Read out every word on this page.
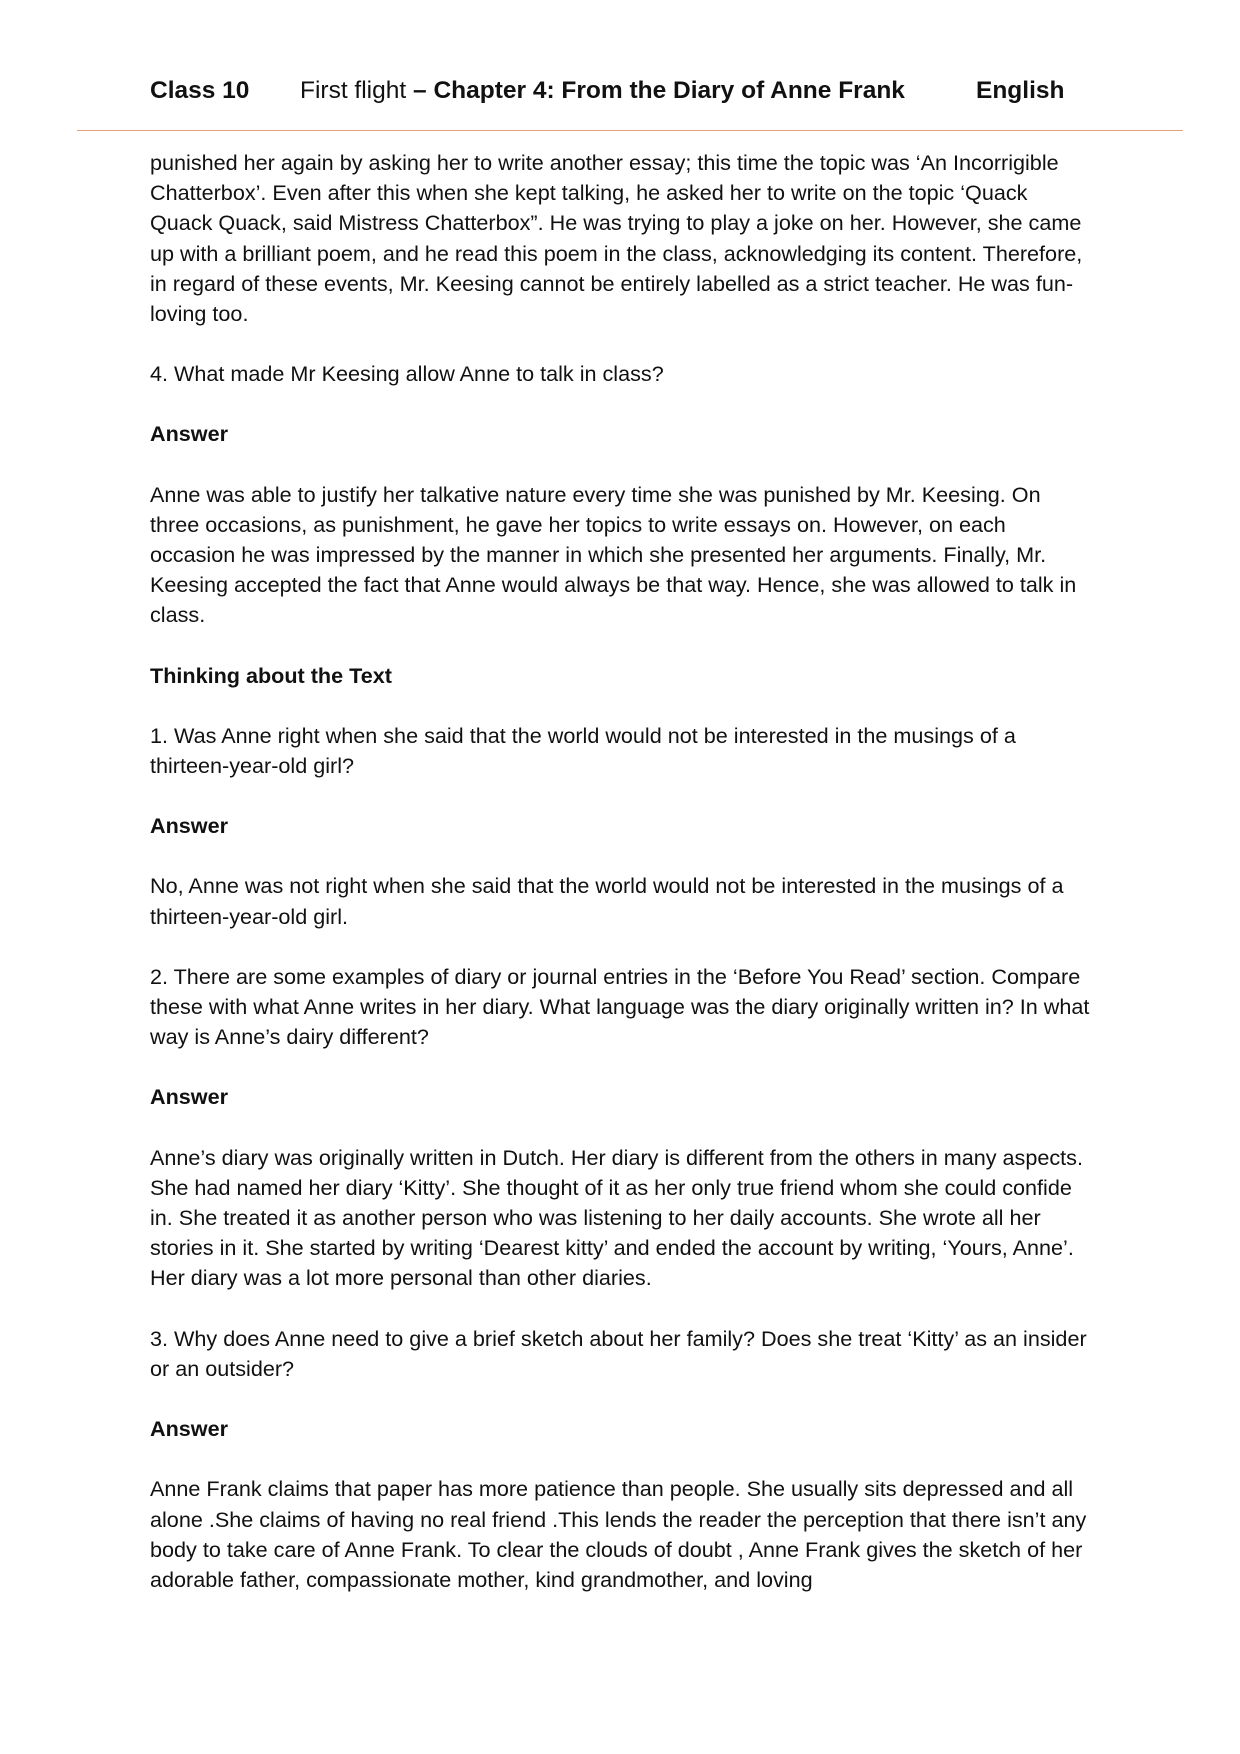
Class 10 First flight – Chapter 4: From the Diary of Anne Frank	English

punished her again by asking her to write another essay; this time the topic was ‘An Incorrigible Chatterbox’. Even after this when she kept talking, he asked her to write on the topic ‘Quack Quack Quack, said Mistress Chatterbox”. He was trying to play a joke on her. However, she came up with a brilliant poem, and he read this poem in the class, acknowledging its content. Therefore, in regard of these events, Mr. Keesing cannot be entirely labelled as a strict teacher. He was fun-loving too.

4. What made Mr Keesing allow Anne to talk in class?

Answer

Anne was able to justify her talkative nature every time she was punished by Mr. Keesing. On three occasions, as punishment, he gave her topics to write essays on. However, on each occasion he was impressed by the manner in which she presented her arguments. Finally, Mr. Keesing accepted the fact that Anne would always be that way. Hence, she was allowed to talk in class.

Thinking about the Text

1. Was Anne right when she said that the world would not be interested in the musings of a thirteen-year-old girl?

Answer

No, Anne was not right when she said that the world would not be interested in the musings of a thirteen-year-old girl.

2. There are some examples of diary or journal entries in the ‘Before You Read’ section. Compare these with what Anne writes in her diary. What language was the diary originally written in? In what way is Anne’s dairy different?

Answer

Anne’s diary was originally written in Dutch. Her diary is different from the others in many aspects. She had named her diary ‘Kitty’. She thought of it as her only true friend whom she could confide in. She treated it as another person who was listening to her daily accounts. She wrote all her stories in it. She started by writing ‘Dearest kitty’ and ended the account by writing, ‘Yours, Anne’. Her diary was a lot more personal than other diaries.

3. Why does Anne need to give a brief sketch about her family? Does she treat ‘Kitty’ as an insider or an outsider?

Answer

Anne Frank claims that paper has more patience than people. She usually sits depressed and all alone .She claims of having no real friend .This lends the reader the perception that there isn’t any body to take care of Anne Frank. To clear the clouds of doubt , Anne Frank gives the sketch of her adorable father, compassionate mother, kind grandmother, and loving
